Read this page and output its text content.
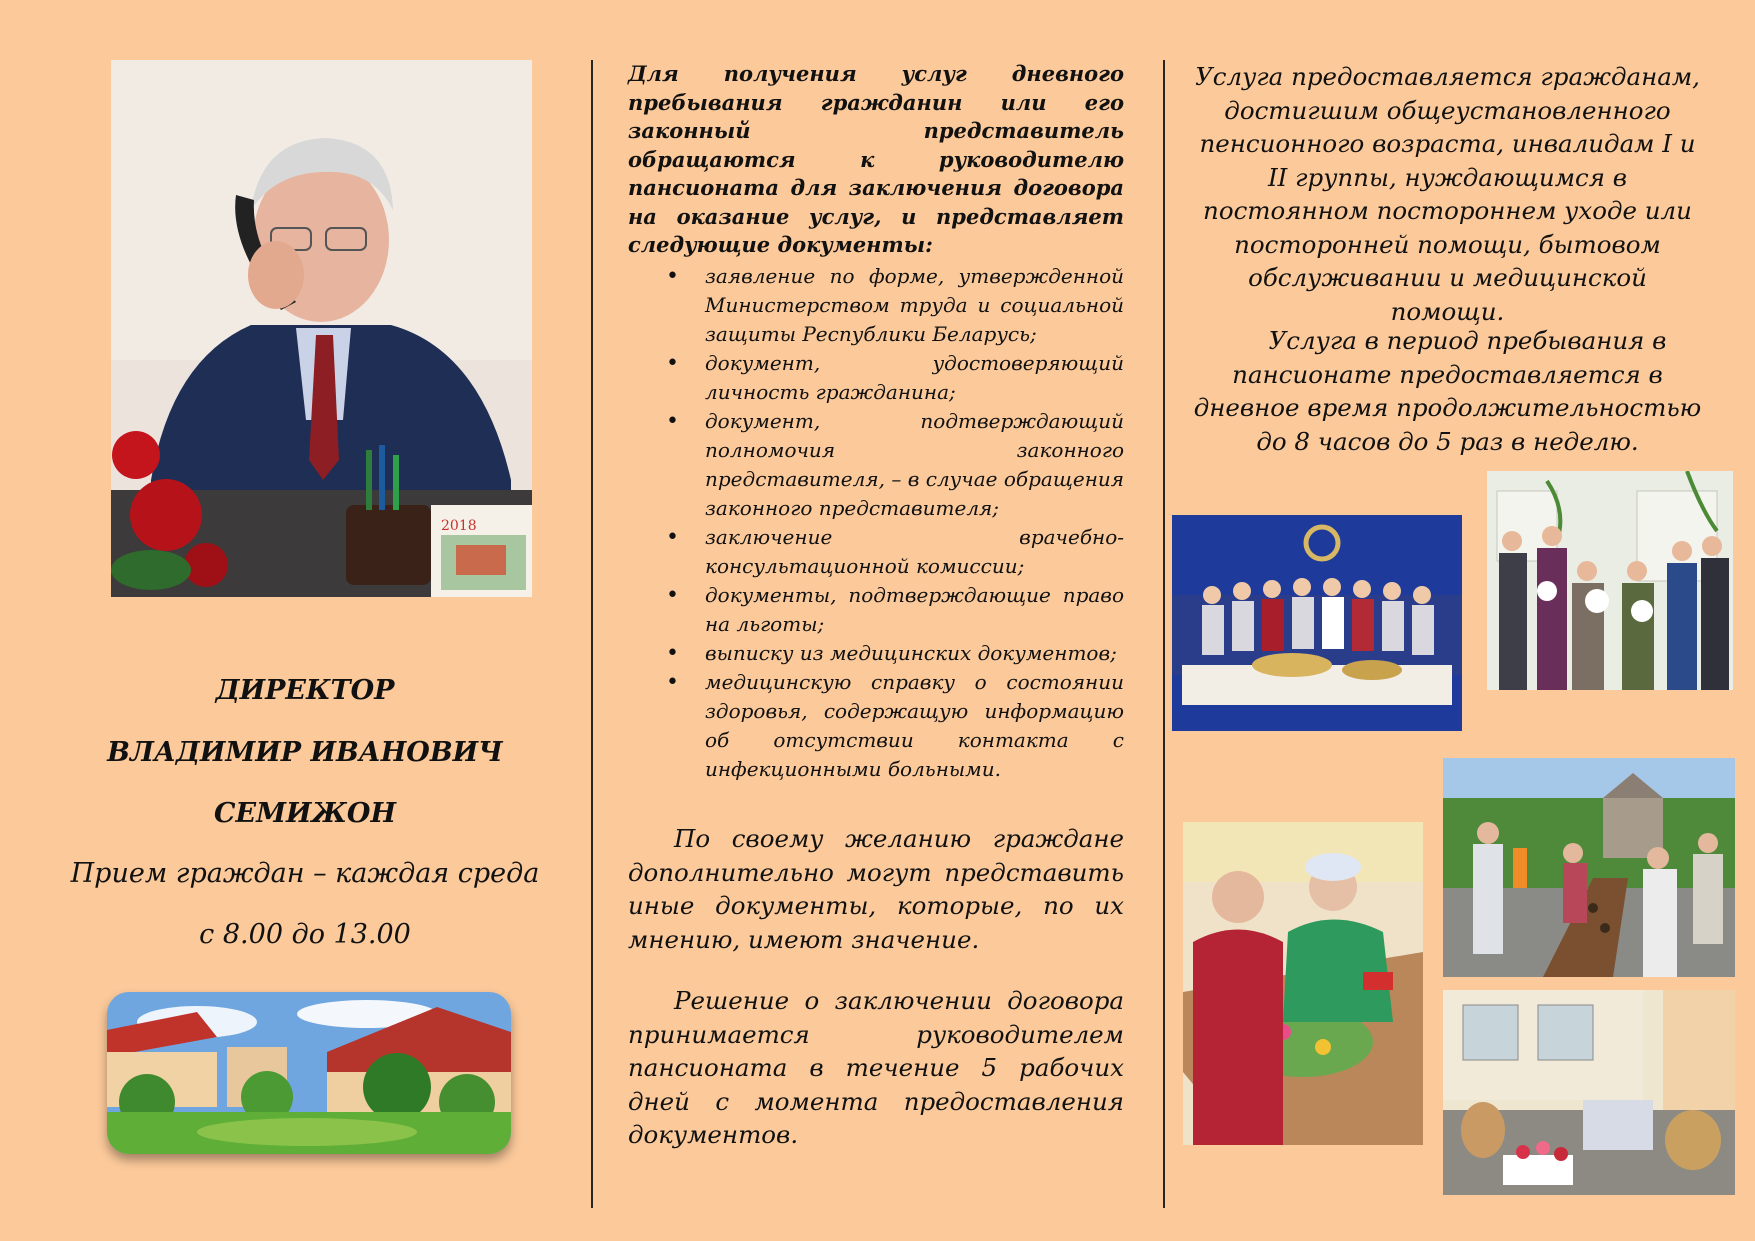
2018

ДИРЕКТОР

ВЛАДИМИР ИВАНОВИЧ

СЕМИЖОН

Прием граждан – каждая среда

с 8.00 до 13.00

Для получения услуг дневного пребывания гражданин или его законный представитель обращаются к руководителю пансионата для заключения договора на оказание услуг, и представляет следующие документы:

• заявление по форме, утвержденной Министерством труда и социальной защиты Республики Беларусь;
• документ, удостоверяющий личность гражданина;
• документ, подтверждающий полномочия законного представителя, – в случае обращения законного представителя;
• заключение врачебно-консультационной комиссии;
• документы, подтверждающие право на льготы;
• выписку из медицинских документов;
• медицинскую справку о состоянии здоровья, содержащую информацию об отсутствии контакта с инфекционными больными.

По своему желанию граждане дополнительно могут представить иные документы, которые, по их мнению, имеют значение.

Решение о заключении договора принимается руководителем пансионата в течение 5 рабочих дней с момента предоставления документов.

Услуга предоставляется гражданам, достигшим общеустановленного пенсионного возраста, инвалидам I и II группы, нуждающимся в постоянном постороннем уходе или посторонней помощи, бытовом обслуживании и медицинской помощи.

Услуга в период пребывания в пансионате предоставляется в дневное время продолжительностью до 8 часов до 5 раз в неделю.
